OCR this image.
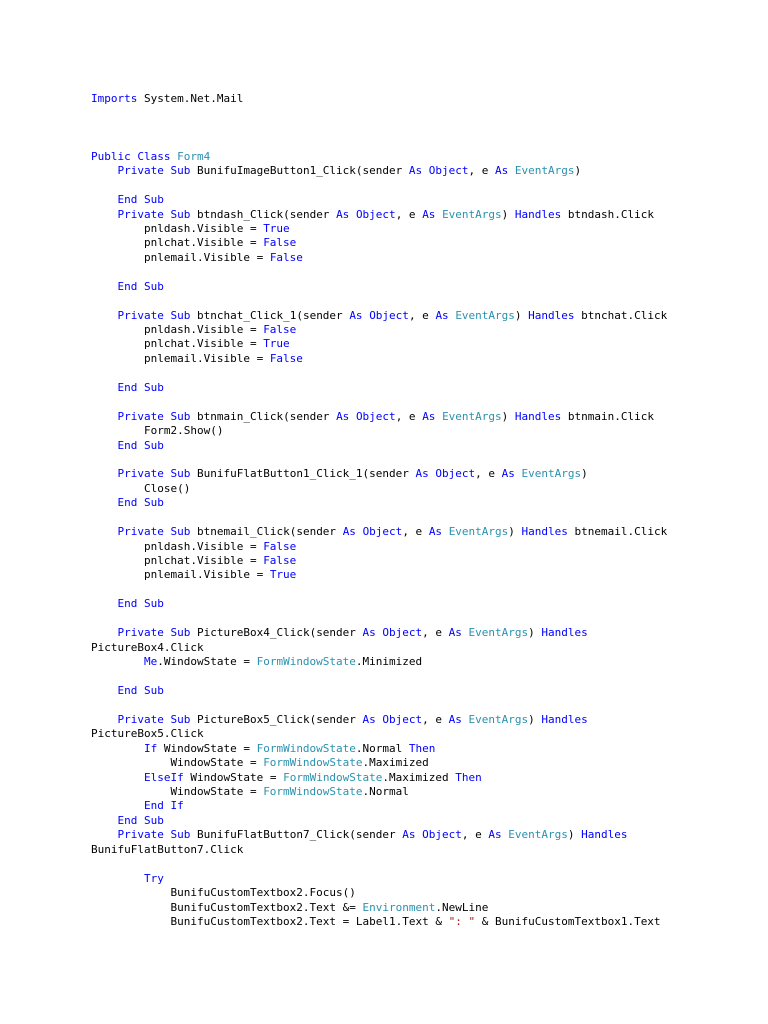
Imports System.Net.Mail

Public Class Form4
Private Sub BunifuImageButton1_Click(sender As Object, e As EventArgs)

End Sub
Private Sub btndash_Click(sender As Object, e As EventArgs) Handles btndash.Click
pnldash.Visible = True
pnlchat.Visible = False
pnlemail.Visible = False

End Sub

Private Sub btnchat_Click_1(sender As Object, e As EventArgs) Handles btnchat.Click
pnldash.Visible = False
pnlchat.Visible = True
pnlemail.Visible = False

End Sub

Private Sub btnmain_Click(sender As Object, e As EventArgs) Handles btnmain.Click
Form2.Show()
End Sub

Private Sub BunifuFlatButton1_Click_1(sender As Object, e As EventArgs)
Close()
End Sub

Private Sub btnemail_Click(sender As Object, e As EventArgs) Handles btnemail.Click
pnldash.Visible = False
pnlchat.Visible = False
pnlemail.Visible = True

End Sub

Private Sub PictureBox4_Click(sender As Object, e As EventArgs) Handles
PictureBox4.Click
Me.WindowState = FormWindowState.Minimized

End Sub

Private Sub PictureBox5_Click(sender As Object, e As EventArgs) Handles
PictureBox5.Click
If WindowState = FormWindowState.Normal Then
WindowState = FormWindowState.Maximized
ElseIf WindowState = FormWindowState.Maximized Then
WindowState = FormWindowState.Normal
End If
End Sub
Private Sub BunifuFlatButton7_Click(sender As Object, e As EventArgs) Handles
BunifuFlatButton7.Click

Try
BunifuCustomTextbox2.Focus()
BunifuCustomTextbox2.Text &= Environment.NewLine
BunifuCustomTextbox2.Text = Label1.Text & ": " & BunifuCustomTextbox1.Text
